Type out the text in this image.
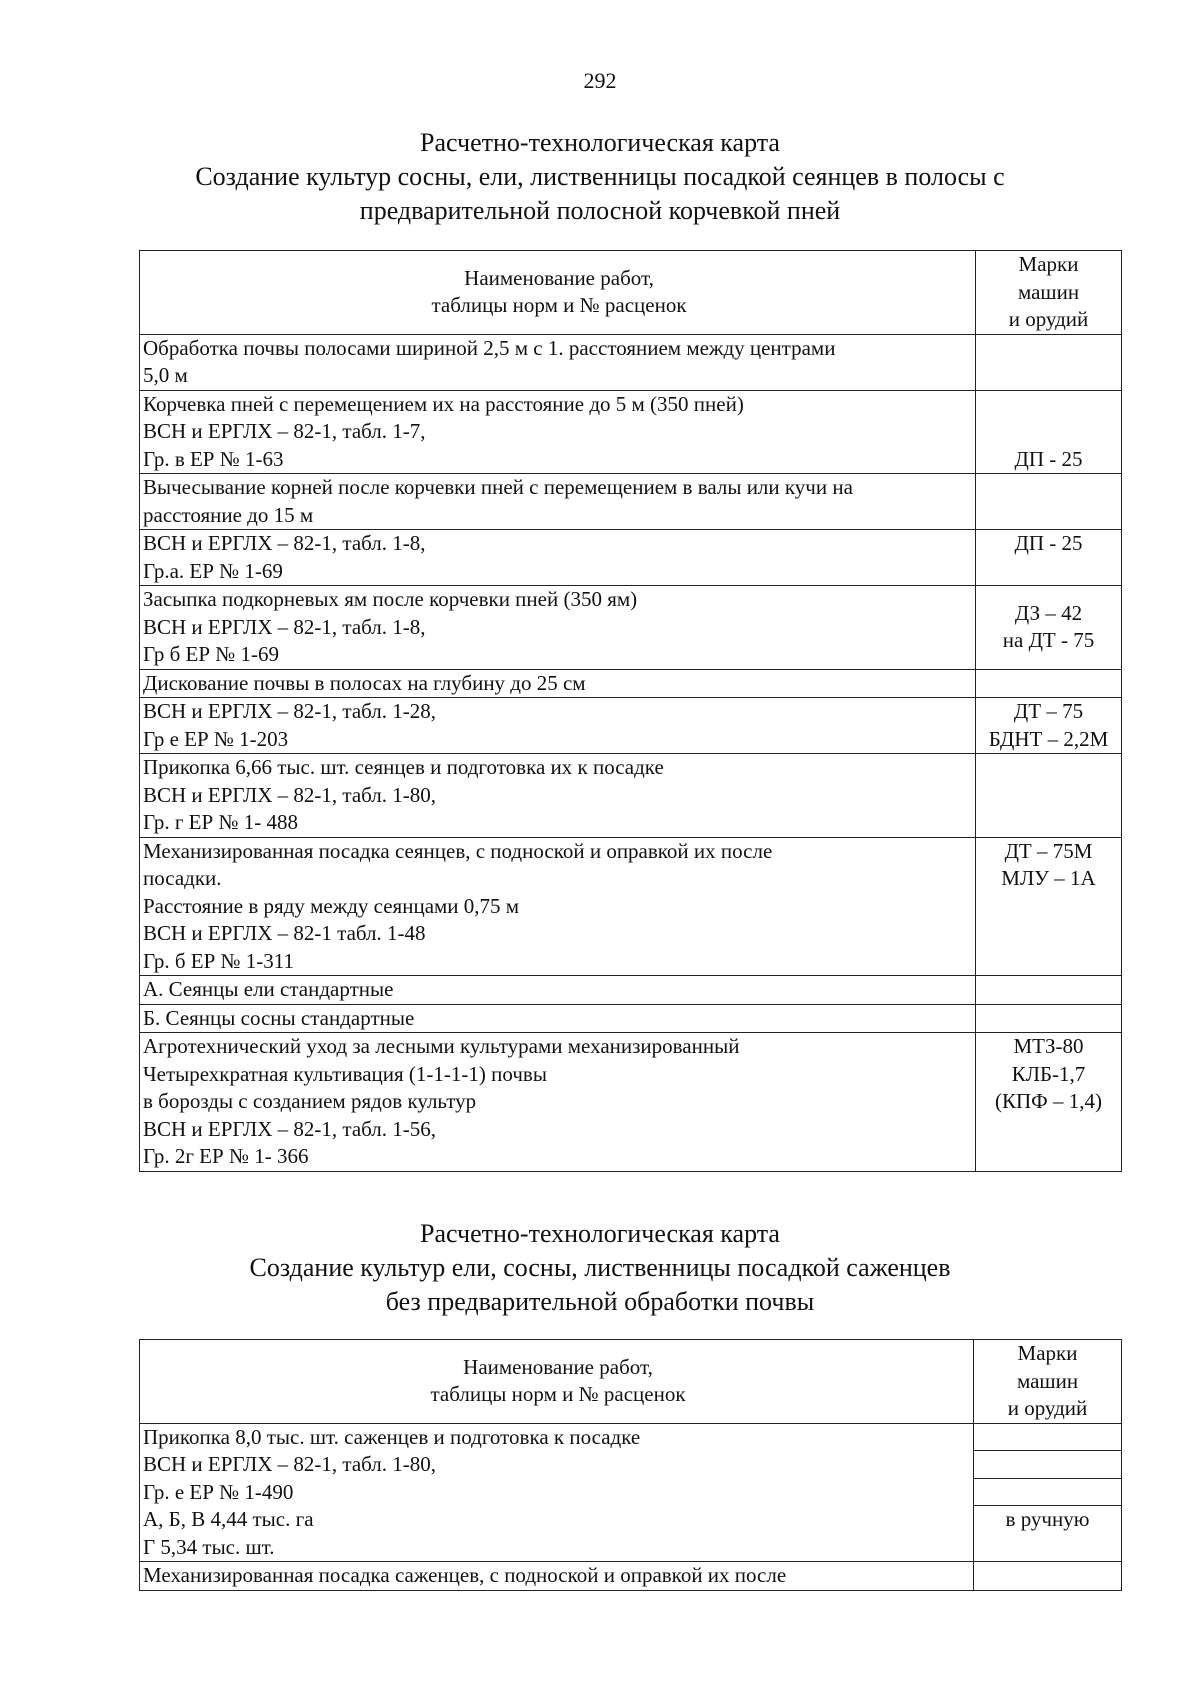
292
Расчетно-технологическая карта
Создание культур сосны, ели, лиственницы посадкой сеянцев в полосы с
предварительной полосной корчевкой пней
Наименование работ,
таблицы норм и № расценок	Марки
машин
и орудий

Обработка почвы полосами шириной 2,5 м с 1. расстоянием между центрами
5,0 м	

Корчевка пней с перемещением их на расстояние до 5 м (350 пней)
ВСН и ЕРГЛХ – 82-1, табл. 1-7,
Гр. в ЕР № 1-63	ДП - 25

Вычесывание корней после корчевки пней с перемещением в валы или кучи на
расстояние до 15 м	

ВСН и ЕРГЛХ – 82-1, табл. 1-8,
Гр.а. ЕР № 1-69	ДП - 25

Засыпка подкорневых ям после корчевки пней (350 ям)
ВСН и ЕРГЛХ – 82-1, табл. 1-8,
Гр б ЕР № 1-69	ДЗ – 42
на ДТ - 75

Дискование почвы в полосах на глубину до 25 см	

ВСН и ЕРГЛХ – 82-1, табл. 1-28,
Гр е ЕР № 1-203	ДТ – 75
БДНТ – 2,2М

Прикопка 6,66 тыс. шт. сеянцев и подготовка их к посадке
ВСН и ЕРГЛХ – 82-1, табл. 1-80,
Гр. г ЕР № 1- 488	

Механизированная посадка сеянцев, с подноской и оправкой их после
посадки.
Расстояние в ряду между сеянцами 0,75 м
ВСН и ЕРГЛХ – 82-1 табл. 1-48
Гр. б ЕР № 1-311	ДТ – 75М
МЛУ – 1А

А. Сеянцы ели стандартные	

Б. Сеянцы сосны стандартные	

Агротехнический уход за лесными культурами механизированный
Четырехкратная культивация (1-1-1-1) почвы
в борозды с созданием рядов культур
ВСН и ЕРГЛХ – 82-1, табл. 1-56,
Гр. 2г ЕР № 1- 366	МТЗ-80
КЛБ-1,7
(КПФ – 1,4)
Расчетно-технологическая карта
Создание культур ели, сосны, лиственницы посадкой саженцев
без предварительной обработки почвы
Наименование работ,
таблицы норм и № расценок	Марки
машин
и орудий

Прикопка 8,0 тыс. шт. саженцев и подготовка к посадке
ВСН и ЕРГЛХ – 82-1, табл. 1-80,
Гр. е ЕР № 1-490
А, Б, В 4,44 тыс. га
Г 5,34 тыс. шт.	в ручную

Механизированная посадка саженцев, с подноской и оправкой их после	
